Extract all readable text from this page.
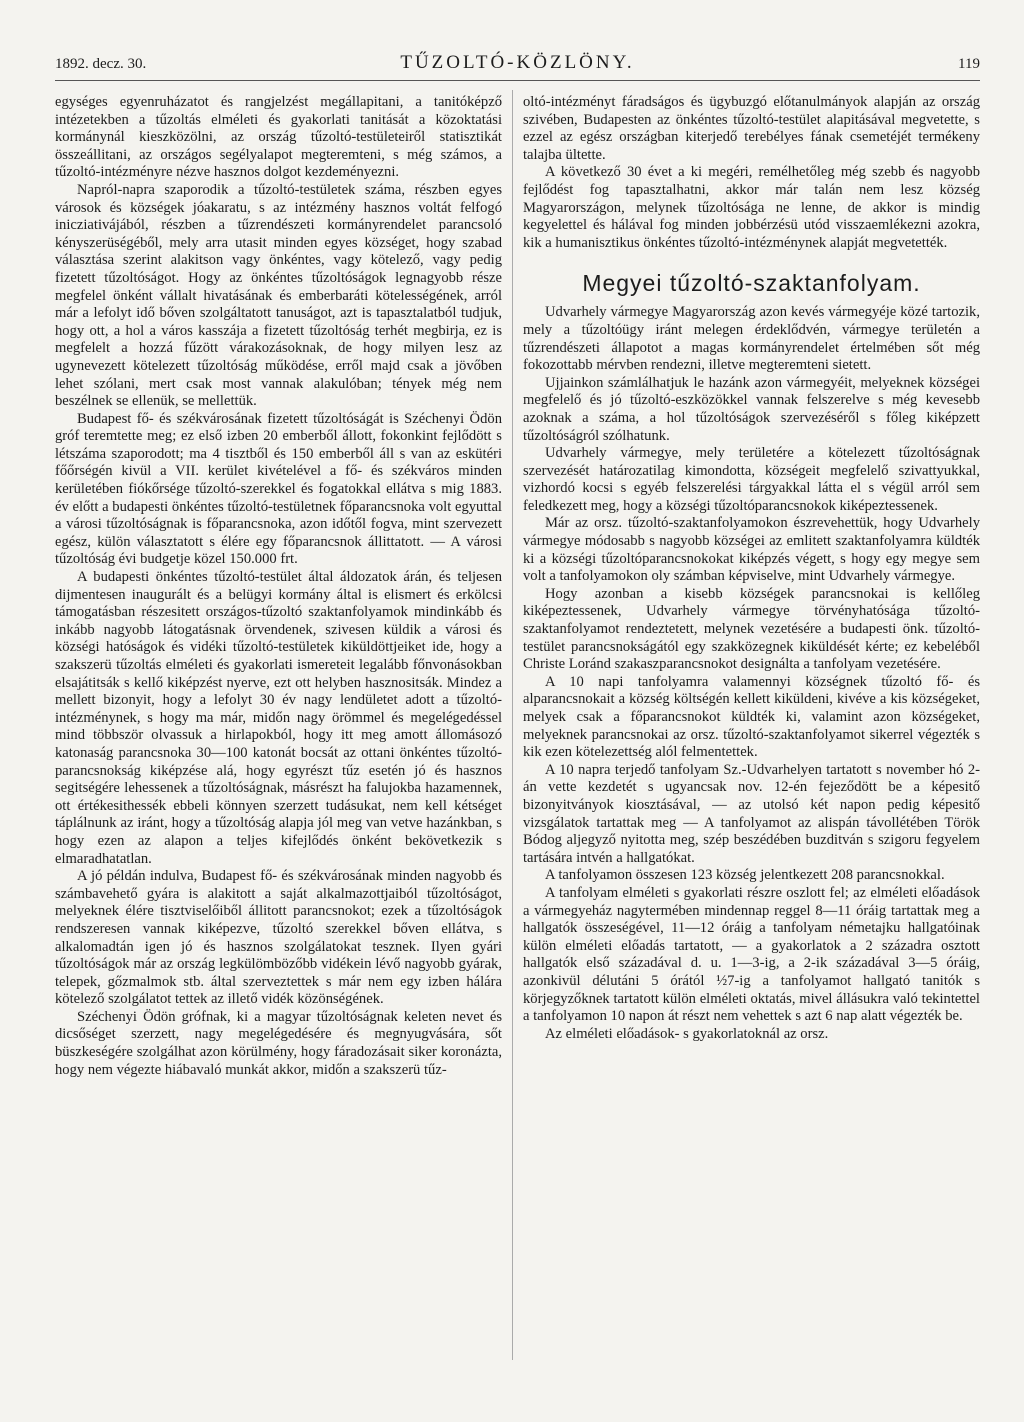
1892. decz. 30.	TŰZOLTÓ-KÖZLÖNY.	119

egységes egyenruházatot és rangjelzést megállapitani, a tanitóképző intézetekben a tűzoltás elméleti és gyakorlati tanitását a közoktatási kormánynál kieszközölni, az ország tűzoltó-testületeiről statisztikát összeállitani, az országos segélyalapot megteremteni, s még számos, a tűzoltó-intézményre nézve hasznos dolgot kezdeményezni.

Napról-napra szaporodik a tűzoltó-testületek száma, részben egyes városok és községek jóakaratu, s az intézmény hasznos voltát felfogó inicziativájából, részben a tűzrendészeti kormányrendelet parancsoló kényszerüségéből, mely arra utasit minden egyes községet, hogy szabad választása szerint alakitson vagy önkéntes, vagy kötelező, vagy pedig fizetett tűzoltóságot. Hogy az önkéntes tűzoltóságok legnagyobb része megfelel önként vállalt hivatásának és emberbaráti kötelességének, arról már a lefolyt idő bőven szolgáltatott tanuságot, azt is tapasztalatból tudjuk, hogy ott, a hol a város kasszája a fizetett tűzoltóság terhét megbirja, ez is megfelelt a hozzá fűzött várakozásoknak, de hogy milyen lesz az ugynevezett kötelezett tűzoltóság működése, erről majd csak a jövőben lehet szólani, mert csak most vannak alakulóban; tények még nem beszélnek se ellenük, se mellettük.

Budapest fő- és székvárosának fizetett tűzoltóságát is Széchenyi Ödön gróf teremtette meg; ez első izben 20 emberből állott, fokonkint fejlődött s létszáma szaporodott; ma 4 tisztből és 150 emberből áll s van az eskütéri főőrségén kivül a VII. kerület kivételével a fő- és székváros minden kerületében fiókőrsége tűzoltó-szerekkel és fogatokkal ellátva s mig 1883. év előtt a budapesti önkéntes tűzoltó-testületnek főparancsnoka volt egyuttal a városi tűzoltóságnak is főparancsnoka, azon időtől fogva, mint szervezett egész, külön választatott s élére egy főparancsnok állittatott. — A városi tűzoltóság évi budgetje közel 150.000 frt.

A budapesti önkéntes tűzoltó-testület által áldozatok árán, és teljesen dijmentesen inaugurált és a belügyi kormány által is elismert és erkölcsi támogatásban részesitett országos-tűzoltó szaktanfolyamok mindinkább és inkább nagyobb látogatásnak örvendenek, szivesen küldik a városi és községi hatóságok és vidéki tűzoltó-testületek kiküldöttjeiket ide, hogy a szakszerü tűzoltás elméleti és gyakorlati ismereteit legalább főnvonásokban elsajátitsák s kellő kiképzést nyerve, ezt ott helyben hasznositsák. Mindez a mellett bizonyit, hogy a lefolyt 30 év nagy lendületet adott a tűzoltó-intézménynek, s hogy ma már, midőn nagy örömmel és megelégedéssel mind többször olvassuk a hirlapokból, hogy itt meg amott állomásozó katonaság parancsnoka 30—100 katonát bocsát az ottani önkéntes tűzoltó-parancsnokság kiképzése alá, hogy egyrészt tűz esetén jó és hasznos segitségére lehessenek a tűzoltóságnak, másrészt ha falujokba hazamennek, ott értékesithessék ebbeli könnyen szerzett tudásukat, nem kell kétséget táplálnunk az iránt, hogy a tűzoltóság alapja jól meg van vetve hazánkban, s hogy ezen az alapon a teljes kifejlődés önként bekövetkezik s elmaradhatatlan.

A jó példán indulva, Budapest fő- és székvárosának minden nagyobb és számbavehető gyára is alakitott a saját alkalmazottjaiból tűzoltóságot, melyeknek élére tisztviselőiből állitott parancsnokot; ezek a tűzoltóságok rendszeresen vannak kiképezve, tűzoltó szerekkel bőven ellátva, s alkalomadtán igen jó és hasznos szolgálatokat tesznek. Ilyen gyári tűzoltóságok már az ország legkülömbözőbb vidékein lévő nagyobb gyárak, telepek, gőzmalmok stb. által szerveztettek s már nem egy izben hálára kötelező szolgálatot tettek az illető vidék közönségének.

Széchenyi Ödön grófnak, ki a magyar tűzoltóságnak keleten nevet és dicsőséget szerzett, nagy megelégedésére és megnyugvására, sőt büszkeségére szolgálhat azon körülmény, hogy fáradozásait siker koronázta, hogy nem végezte hiábavaló munkát akkor, midőn a szakszerü tűz-

oltó-intézményt fáradságos és ügybuzgó előtanulmányok alapján az ország szivében, Budapesten az önkéntes tűzoltó-testület alapitásával megvetette, s ezzel az egész országban kiterjedő terebélyes fának csemetéjét termékeny talajba ültette.

A következő 30 évet a ki megéri, remélhetőleg még szebb és nagyobb fejlődést fog tapasztalhatni, akkor már talán nem lesz község Magyarországon, melynek tűzoltósága ne lenne, de akkor is mindig kegyelettel és hálával fog minden jobbérzésü utód visszaemlékezni azokra, kik a humanisztikus önkéntes tűzoltó-intézménynek alapját megvetették.

Megyei tűzoltó-szaktanfolyam.

Udvarhely vármegye Magyarország azon kevés vármegyéje közé tartozik, mely a tűzoltóügy iránt melegen érdeklődvén, vármegye területén a tűzrendészeti állapotot a magas kormányrendelet értelmében sőt még fokozottabb mérvben rendezni, illetve megteremteni sietett.

Ujjainkon számlálhatjuk le hazánk azon vármegyéit, melyeknek községei megfelelő és jó tűzoltó-eszközökkel vannak felszerelve s még kevesebb azoknak a száma, a hol tűzoltóságok szervezéséről s főleg kiképzett tűzoltóságról szólhatunk.

Udvarhely vármegye, mely területére a kötelezett tűzoltóságnak szervezését határozatilag kimondotta, községeit megfelelő szivattyukkal, vizhordó kocsi s egyéb felszerelési tárgyakkal látta el s végül arról sem feledkezett meg, hogy a községi tűzoltóparancsnokok kiképeztessenek.

Már az orsz. tűzoltó-szaktanfolyamokon észrevehettük, hogy Udvarhely vármegye módosabb s nagyobb községei az emlitett szaktanfolyamra küldték ki a községi tűzoltóparancsnokokat kiképzés végett, s hogy egy megye sem volt a tanfolyamokon oly számban képviselve, mint Udvarhely vármegye.

Hogy azonban a kisebb községek parancsnokai is kellőleg kiképeztessenek, Udvarhely vármegye törvényhatósága tűzoltó-szaktanfolyamot rendeztetett, melynek vezetésére a budapesti önk. tűzoltó-testület parancsnokságától egy szakközegnek kiküldését kérte; ez kebeléből Christe Loránd szakaszparancsnokot designálta a tanfolyam vezetésére.

A 10 napi tanfolyamra valamennyi községnek tűzoltó fő- és alparancsnokait a község költségén kellett kiküldeni, kivéve a kis községeket, melyek csak a főparancsnokot küldték ki, valamint azon községeket, melyeknek parancsnokai az orsz. tűzoltó-szaktanfolyamot sikerrel végezték s kik ezen kötelezettség alól felmentettek.

A 10 napra terjedő tanfolyam Sz.-Udvarhelyen tartatott s november hó 2-án vette kezdetét s ugyancsak nov. 12-én fejeződött be a képesitő bizonyitványok kiosztásával, — az utolsó két napon pedig képesitő vizsgálatok tartattak meg — A tanfolyamot az alispán távollétében Török Bódog aljegyző nyitotta meg, szép beszédében buzditván s szigoru fegyelem tartására intvén a hallgatókat.

A tanfolyamon összesen 123 község jelentkezett 208 parancsnokkal.

A tanfolyam elméleti s gyakorlati részre oszlott fel; az elméleti előadások a vármegyeház nagytermében mindennap reggel 8—11 óráig tartattak meg a hallgatók összeségével, 11—12 óráig a tanfolyam németajku hallgatóinak külön elméleti előadás tartatott, — a gyakorlatok a 2 századra osztott hallgatók első századával d. u. 1—3-ig, a 2-ik századával 3—5 óráig, azonkivül délutáni 5 órától ½7-ig a tanfolyamot hallgató tanitók s körjegyzőknek tartatott külön elméleti oktatás, mivel állásukra való tekintettel a tanfolyamon 10 napon át részt nem vehettek s azt 6 nap alatt végezték be.

Az elméleti előadások- s gyakorlatoknál az orsz.
